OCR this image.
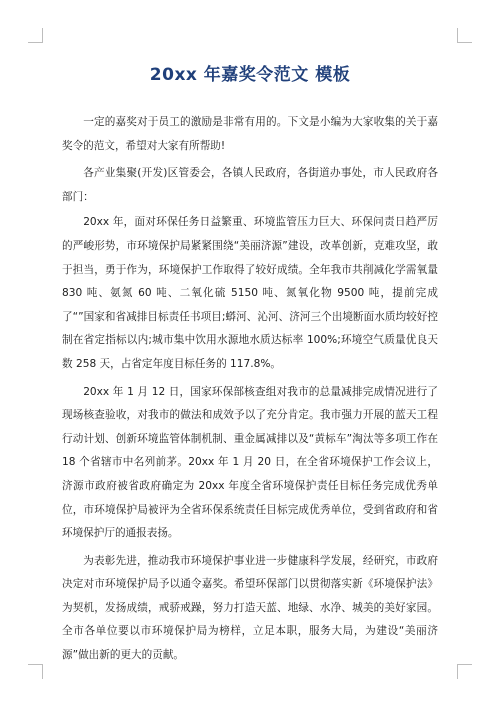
20xx 年嘉奖令范文 模板

一定的嘉奖对于员工的激励是非常有用的。下文是小编为大家收集的关于嘉奖令的范文，希望对大家有所帮助!

各产业集聚(开发)区管委会，各镇人民政府，各街道办事处，市人民政府各部门：

20xx 年，面对环保任务日益繁重、环境监管压力巨大、环保问责日趋严厉的严峻形势，市环境保护局紧紧围绕“美丽济源”建设，改革创新，克难攻坚，敢于担当，勇于作为，环境保护工作取得了较好成绩。全年我市共削减化学需氧量 830 吨、氨氮 60 吨、二氧化硫 5150 吨、氮氧化物 9500 吨，提前完成了“”国家和省减排目标责任书项目;蟒河、沁河、济河三个出境断面水质均较好控制在省定指标以内;城市集中饮用水源地水质达标率 100%;环境空气质量优良天数 258 天，占省定年度目标任务的 117.8%。

20xx 年 1 月 12 日，国家环保部核查组对我市的总量减排完成情况进行了现场核查验收，对我市的做法和成效予以了充分肯定。我市强力开展的蓝天工程行动计划、创新环境监管体制机制、重金属减排以及“黄标车”淘汰等多项工作在 18 个省辖市中名列前茅。20xx 年 1 月 20 日，在全省环境保护工作会议上，济源市政府被省政府确定为 20xx 年度全省环境保护责任目标任务完成优秀单位，市环境保护局被评为全省环保系统责任目标完成优秀单位，受到省政府和省环境保护厅的通报表扬。

为表彰先进，推动我市环境保护事业进一步健康科学发展，经研究，市政府决定对市环境保护局予以通令嘉奖。希望环保部门以贯彻落实新《环境保护法》为契机，发扬成绩，戒骄戒躁，努力打造天蓝、地绿、水净、城美的美好家园。全市各单位要以市环境保护局为榜样，立足本职，服务大局，为建设“美丽济源”做出新的更大的贡献。
